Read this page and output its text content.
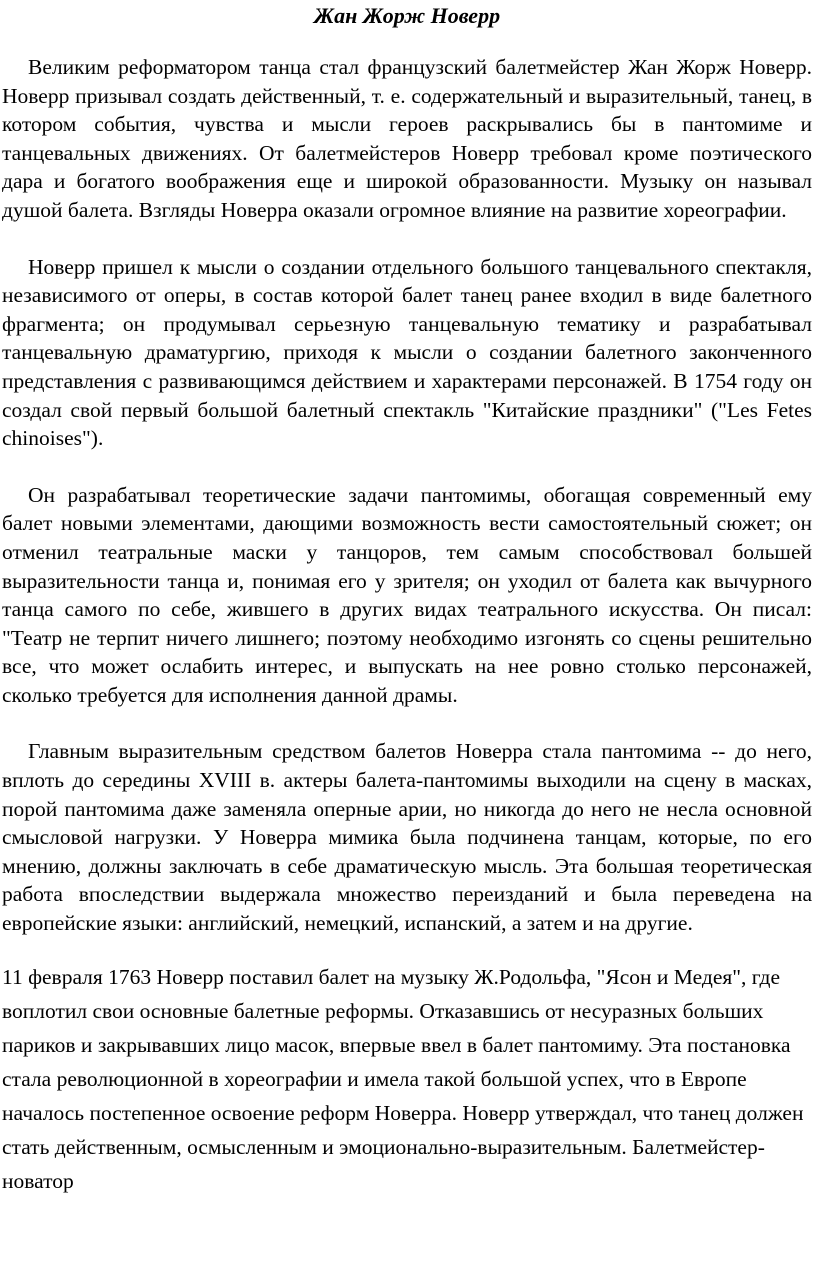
Жан Жорж Новерр

Великим реформатором танца стал французский балетмейстер Жан Жорж Новерр. Новерр призывал создать действенный, т. е. содержательный и выразительный, танец, в котором события, чувства и мысли героев раскрывались бы в пантомиме и танцевальных движениях. От балетмейстеров Новерр требовал кроме поэтического дара и богатого воображения еще и широкой образованности. Музыку он называл душой балета. Взгляды Новерра оказали огромное влияние на развитие хореографии.

Новерр пришел к мысли о создании отдельного большого танцевального спектакля, независимого от оперы, в состав которой балет танец ранее входил в виде балетного фрагмента; он продумывал серьезную танцевальную тематику и разрабатывал танцевальную драматургию, приходя к мысли о создании балетного законченного представления с развивающимся действием и характерами персонажей. В 1754 году он создал свой первый большой балетный спектакль "Китайские праздники" ("Les Fetes chinoises").

Он разрабатывал теоретические задачи пантомимы, обогащая современный ему балет новыми элементами, дающими возможность вести самостоятельный сюжет; он отменил театральные маски у танцоров, тем самым способствовал большей выразительности танца и, понимая его у зрителя; он уходил от балета как вычурного танца самого по себе, жившего в других видах театрального искусства. Он писал: "Театр не терпит ничего лишнего; поэтому необходимо изгонять со сцены решительно все, что может ослабить интерес, и выпускать на нее ровно столько персонажей, сколько требуется для исполнения данной драмы.

Главным выразительным средством балетов Новерра стала пантомима -- до него, вплоть до середины XVIII в. актеры балета-пантомимы выходили на сцену в масках, порой пантомима даже заменяла оперные арии, но никогда до него не несла основной смысловой нагрузки. У Новерра мимика была подчинена танцам, которые, по его мнению, должны заключать в себе драматическую мысль. Эта большая теоретическая работа впоследствии выдержала множество переизданий и была переведена на европейские языки: английский, немецкий, испанский, а затем и на другие.

11 февраля 1763 Новерр поставил балет на музыку Ж.Родольфа, "Ясон и Медея", где воплотил свои основные балетные реформы. Отказавшись от несуразных больших париков и закрывавших лицо масок, впервые ввел в балет пантомиму. Эта постановка стала революционной в хореографии и имела такой большой успех, что в Европе началось постепенное освоение реформ Новерра. Новерр утверждал, что танец должен стать действенным, осмысленным и эмоционально-выразительным. Балетмейстер-новатор
